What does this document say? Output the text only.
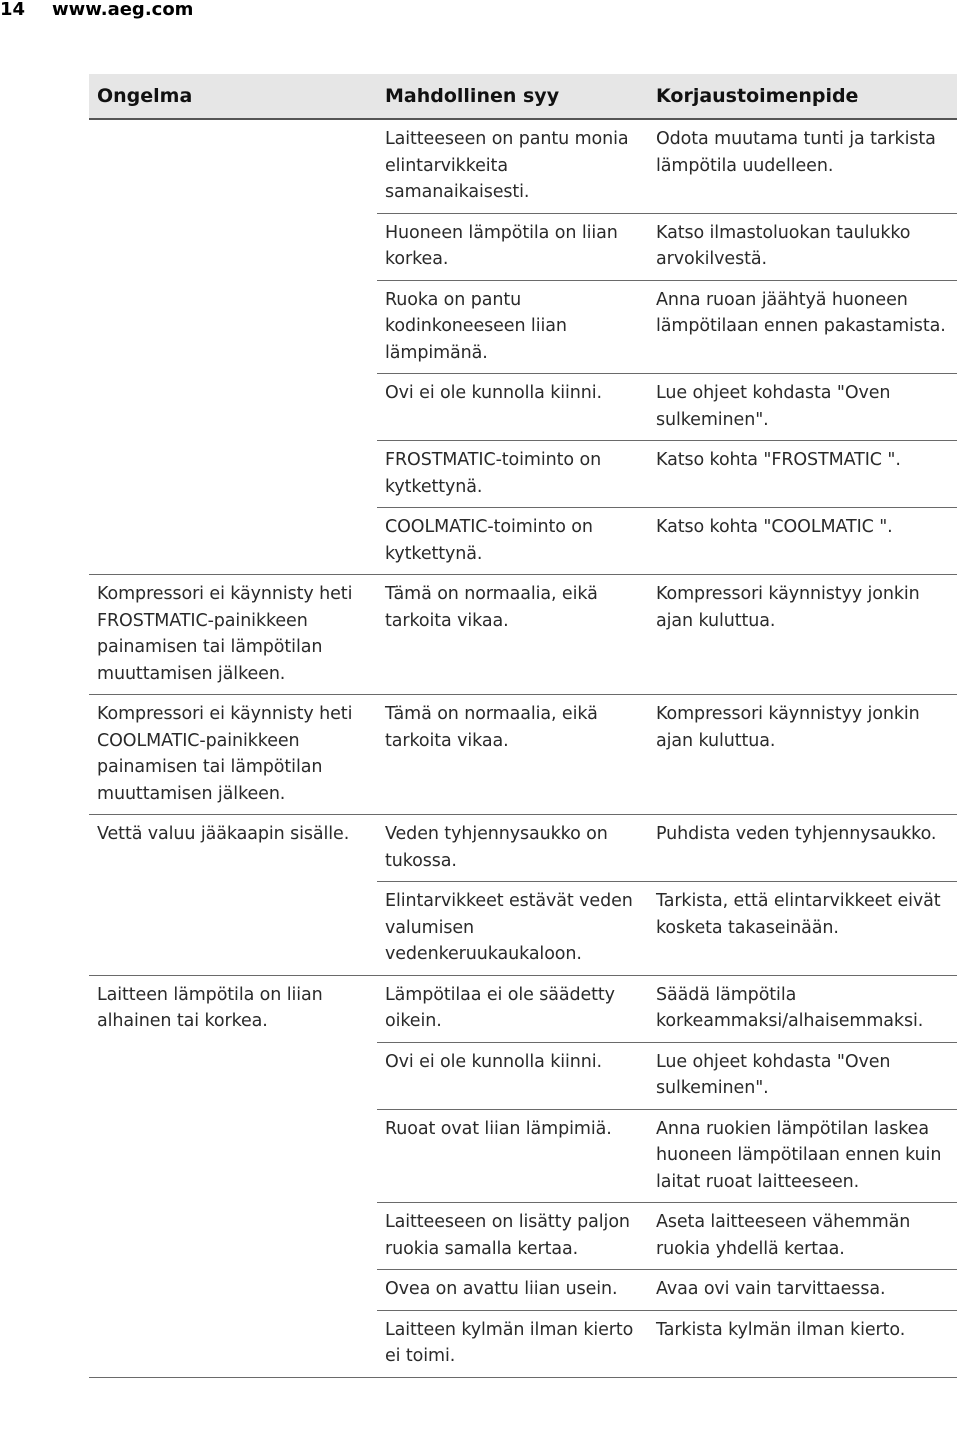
14 www.aeg.com
Ongelma	Mahdollinen syy	Korjaustoimenpide
	Laitteeseen on pantu monia elintarvikkeita samanaikaisesti.	Odota muutama tunti ja tarkista lämpötila uudelleen.
	Huoneen lämpötila on liian korkea.	Katso ilmastoluokan taulukko arvokilvestä.
	Ruoka on pantu kodinkoneeseen liian lämpimänä.	Anna ruoan jäähtyä huoneen lämpötilaan ennen pakastamista.
	Ovi ei ole kunnolla kiinni.	Lue ohjeet kohdasta "Oven sulkeminen".
	FROSTMATIC-toiminto on kytkettynä.	Katso kohta "FROSTMATIC ".
	COOLMATIC-toiminto on kytkettynä.	Katso kohta "COOLMATIC ".
Kompressori ei käynnisty heti FROSTMATIC-painikkeen painamisen tai lämpötilan muuttamisen jälkeen.	Tämä on normaalia, eikä tarkoita vikaa.	Kompressori käynnistyy jonkin ajan kuluttua.
Kompressori ei käynnisty heti COOLMATIC-painikkeen painamisen tai lämpötilan muuttamisen jälkeen.	Tämä on normaalia, eikä tarkoita vikaa.	Kompressori käynnistyy jonkin ajan kuluttua.
Vettä valuu jääkaapin sisälle.	Veden tyhjennysaukko on tukossa.	Puhdista veden tyhjennysaukko.
	Elintarvikkeet estävät veden valumisen vedenkeruukaukaloon.	Tarkista, että elintarvikkeet eivät kosketa takaseinään.
Laitteen lämpötila on liian alhainen tai korkea.	Lämpötilaa ei ole säädetty oikein.	Säädä lämpötila korkeammaksi/alhaisemmaksi.
	Ovi ei ole kunnolla kiinni.	Lue ohjeet kohdasta "Oven sulkeminen".
	Ruoat ovat liian lämpimiä.	Anna ruokien lämpötilan laskea huoneen lämpötilaan ennen kuin laitat ruoat laitteeseen.
	Laitteeseen on lisätty paljon ruokia samalla kertaa.	Aseta laitteeseen vähemmän ruokia yhdellä kertaa.
	Ovea on avattu liian usein.	Avaa ovi vain tarvittaessa.
	Laitteen kylmän ilman kierto ei toimi.	Tarkista kylmän ilman kierto.
